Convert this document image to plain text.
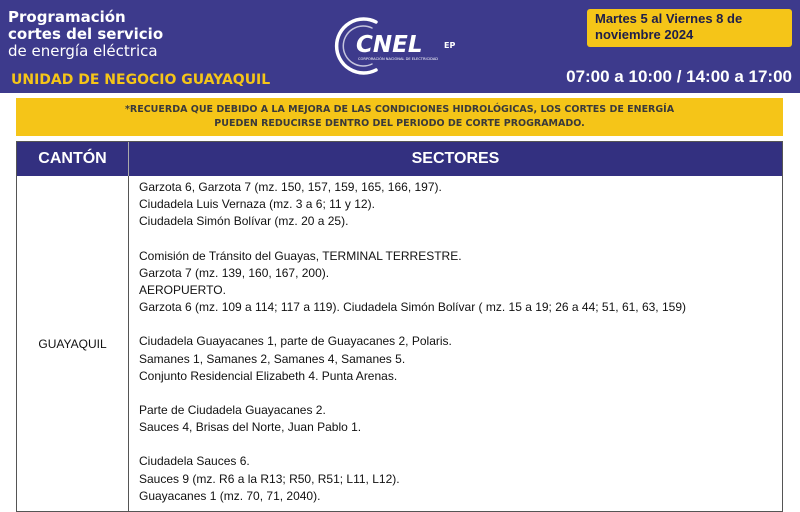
Programación
cortes del servicio
de energía eléctrica	CNEL	EP
CORPORACIÓN NACIONAL DE ELECTRICIDAD
Martes 5 al Viernes 8 de noviembre 2024
UNIDAD DE NEGOCIO GUAYAQUIL	07:00 a 10:00 / 14:00 a 17:00
*RECUERDA QUE DEBIDO A LA MEJORA DE LAS CONDICIONES HIDROLÓGICAS, LOS CORTES DE ENERGÍA PUEDEN REDUCIRSE DENTRO DEL PERIODO DE CORTE PROGRAMADO.
CANTÓN	SECTORES
GUAYAQUIL
Garzota 6, Garzota 7 (mz. 150, 157, 159, 165, 166, 197).
Ciudadela Luis Vernaza (mz. 3 a 6; 11 y 12).
Ciudadela Simón Bolívar (mz. 20 a 25).
Comisión de Tránsito del Guayas, TERMINAL TERRESTRE.
Garzota 7 (mz. 139, 160, 167, 200).
AEROPUERTO.
Garzota 6 (mz. 109 a 114; 117 a 119). Ciudadela Simón Bolívar ( mz. 15 a 19; 26 a 44; 51, 61, 63, 159)
Ciudadela Guayacanes 1, parte de Guayacanes 2, Polaris.
Samanes 1, Samanes 2, Samanes 4, Samanes 5.
Conjunto Residencial Elizabeth 4. Punta Arenas.
Parte de Ciudadela Guayacanes 2.
Sauces 4, Brisas del Norte, Juan Pablo 1.
Ciudadela Sauces 6.
Sauces 9 (mz. R6 a la R13; R50, R51; L11, L12).
Guayacanes 1 (mz. 70, 71, 2040).
